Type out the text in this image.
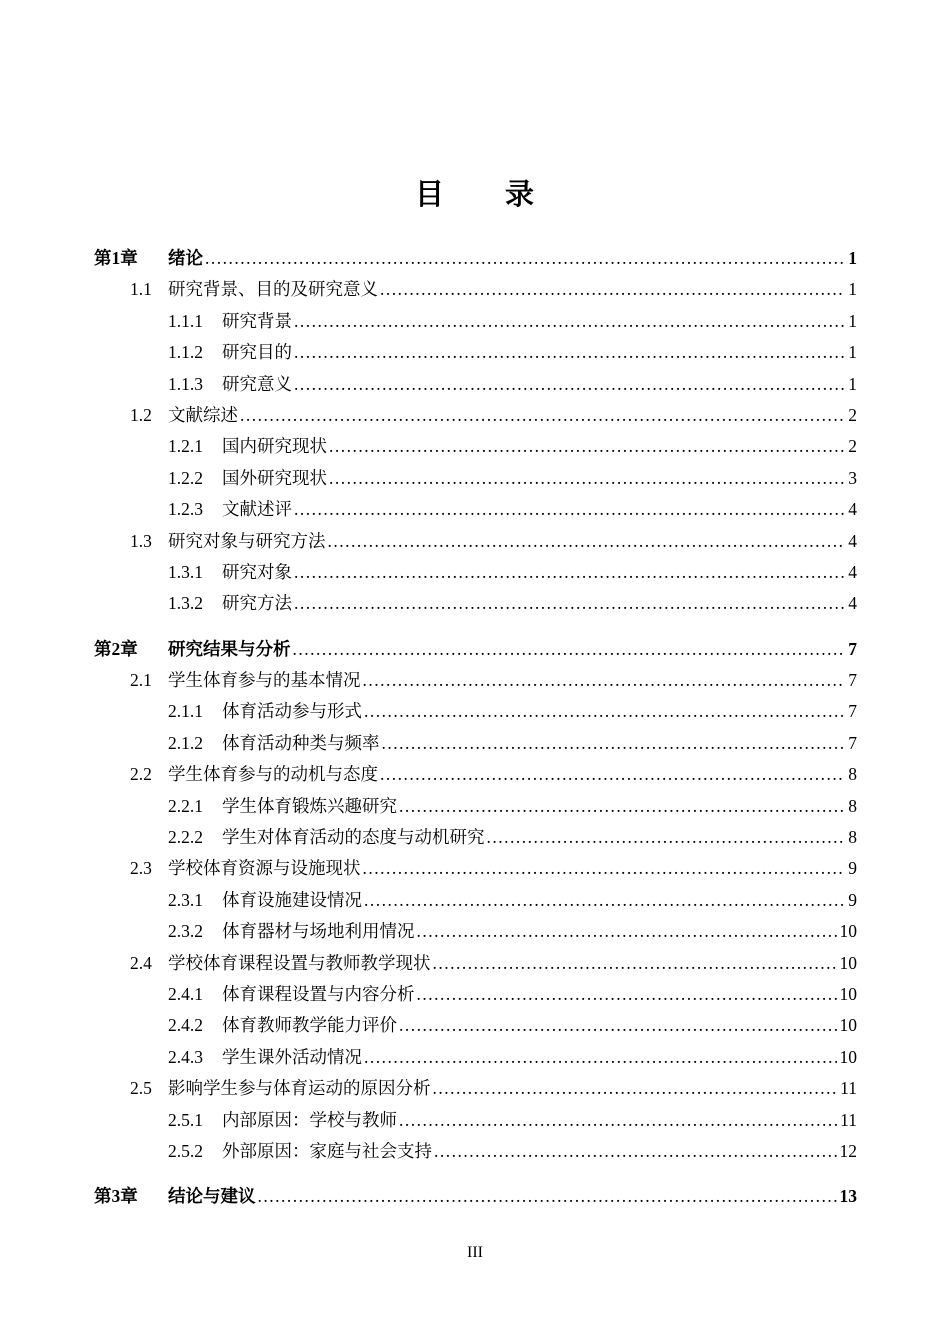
目　　录
第1章	绪论 .....	1
1.1 研究背景、目的及研究意义 .....	1
1.1.1	研究背景 .....	1
1.1.2	研究目的 .....	1
1.1.3	研究意义 .....	1
1.2 文献综述 .....	2
1.2.1	国内研究现状 .....	2
1.2.2	国外研究现状 .....	3
1.2.3	文献述评 .....	4
1.3 研究对象与研究方法 .....	4
1.3.1	研究对象 .....	4
1.3.2	研究方法 .....	4
第2章	研究结果与分析 .....	7
2.1 学生体育参与的基本情况 .....	7
2.1.1	体育活动参与形式 .....	7
2.1.2	体育活动种类与频率 .....	7
2.2 学生体育参与的动机与态度 .....	8
2.2.1	学生体育锻炼兴趣研究 .....	8
2.2.2	学生对体育活动的态度与动机研究 .....	8
2.3 学校体育资源与设施现状 .....	9
2.3.1	体育设施建设情况 .....	9
2.3.2	体育器材与场地利用情况 .....	10
2.4 学校体育课程设置与教师教学现状 .....	10
2.4.1	体育课程设置与内容分析 .....	10
2.4.2	体育教师教学能力评价 .....	10
2.4.3	学生课外活动情况 .....	10
2.5 影响学生参与体育运动的原因分析 .....	11
2.5.1	内部原因：学校与教师 .....	11
2.5.2	外部原因：家庭与社会支持 .....	12
第3章	结论与建议 .....	13
III
